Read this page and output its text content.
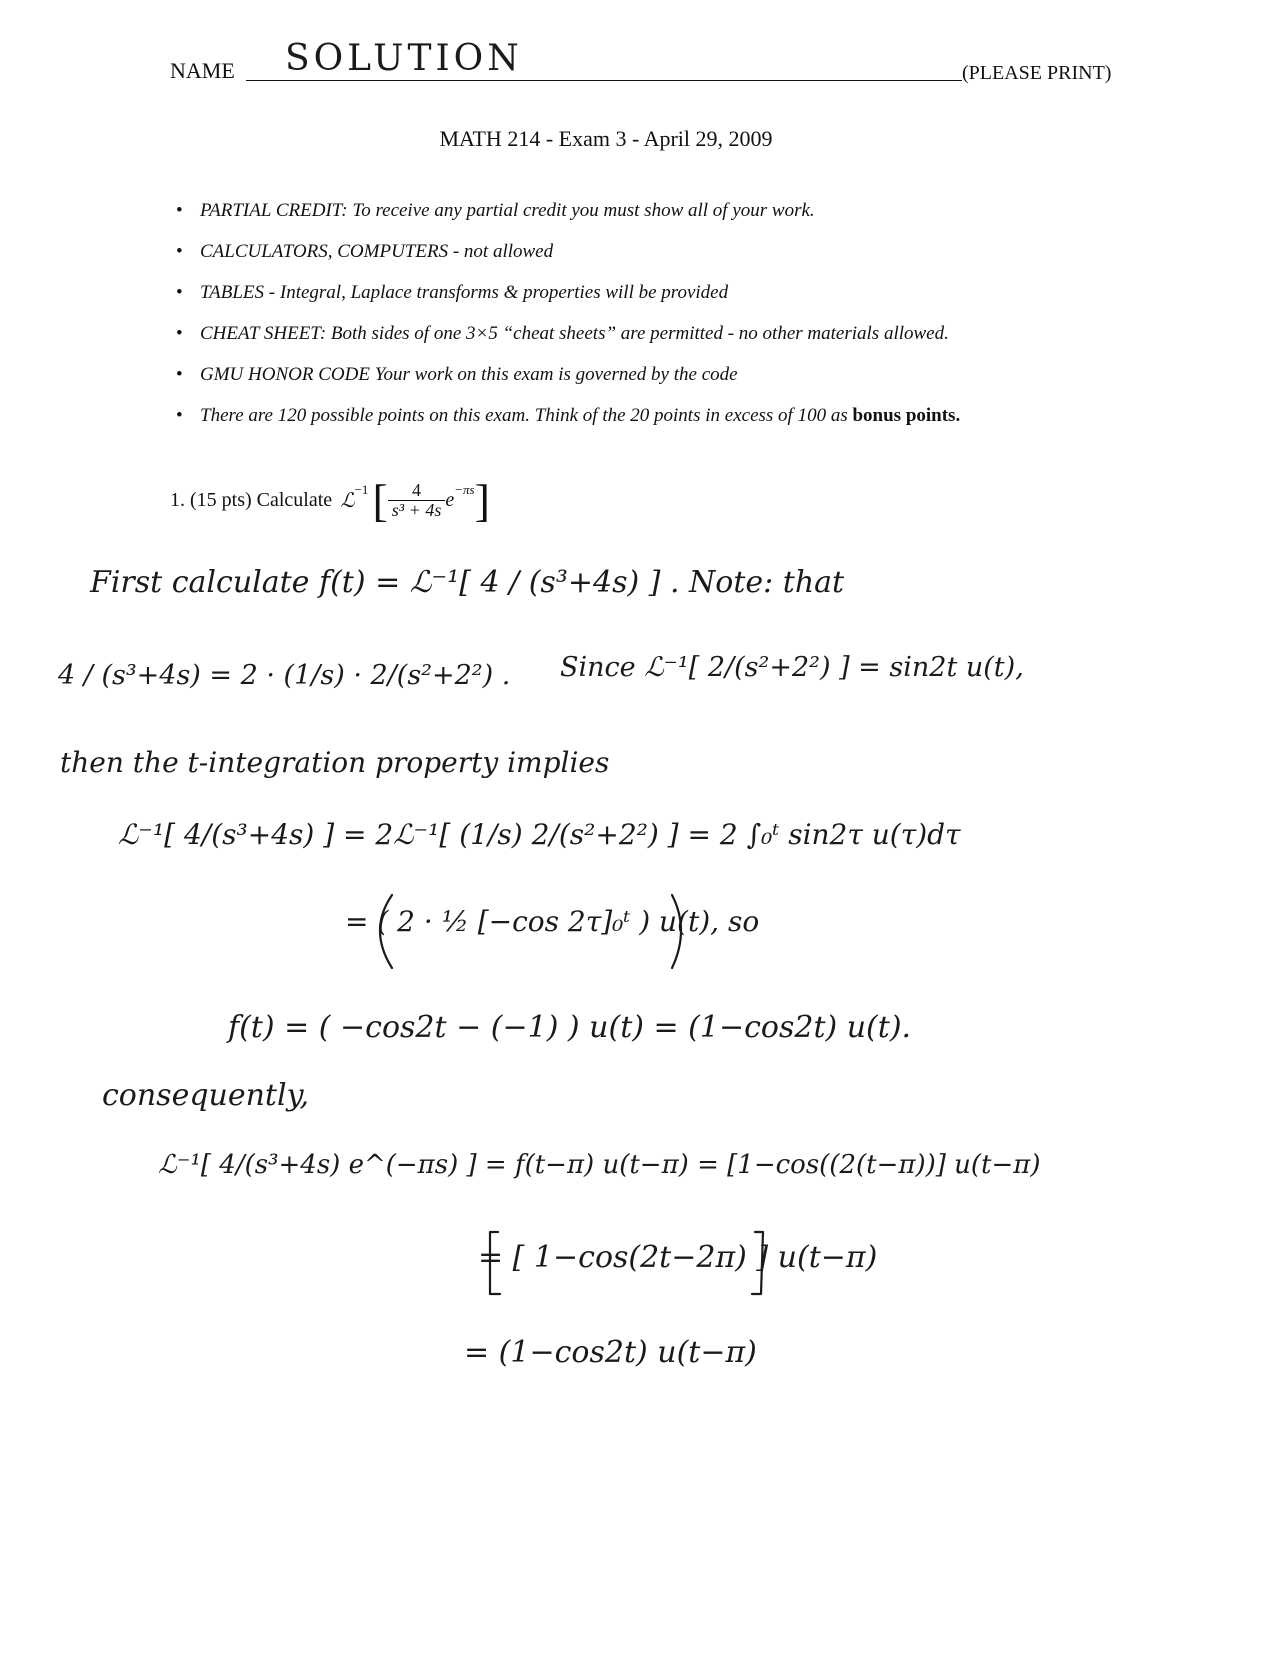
NAME SOLUTION	(PLEASE PRINT)
MATH 214 - Exam 3 - April 29, 2009
• PARTIAL CREDIT: To receive any partial credit you must show all of your work.
• CALCULATORS, COMPUTERS - not allowed
• TABLES - Integral, Laplace transforms & properties will be provided
• CHEAT SHEET: Both sides of one 3×5 “cheat sheets” are permitted - no other materials allowed.
• GMU HONOR CODE Your work on this exam is governed by the code
• There are 120 possible points on this exam. Think of the 20 points in excess of 100 as bonus points.
1. (15 pts) Calculate ℒ$^{-1}$ [ $\frac{4}{\text{s³ + 4s}} e^{-\pi s}$ ]
First calculate f(t) = ℒ⁻¹[ 4 / (s³+4s) ] . Note: that
4 / (s³+4s) = 2 · (1/s) · 2/(s²+2²) . Since ℒ⁻¹[ 2/(s²+2²) ] = sin2t u(t),
then the t-integration property implies
ℒ⁻¹[ 4/(s³+4s) ] = 2ℒ⁻¹[ (1/s) 2/(s²+2²) ] = 2 ∫₀ᵗ sin2τ u(τ)dτ
= ( 2 · ½ [−cos 2τ]₀ᵗ ) u(t), so
f(t) = ( −cos2t − (−1) ) u(t) = (1−cos2t) u(t).
consequently,
ℒ⁻¹[ 4/(s³+4s) e^(−πs) ] = f(t−π) u(t−π) = [1−cos((2(t−π))] u(t−π)
= [ 1−cos(2t−2π) ] u(t−π)
= (1−cos2t) u(t−π)
